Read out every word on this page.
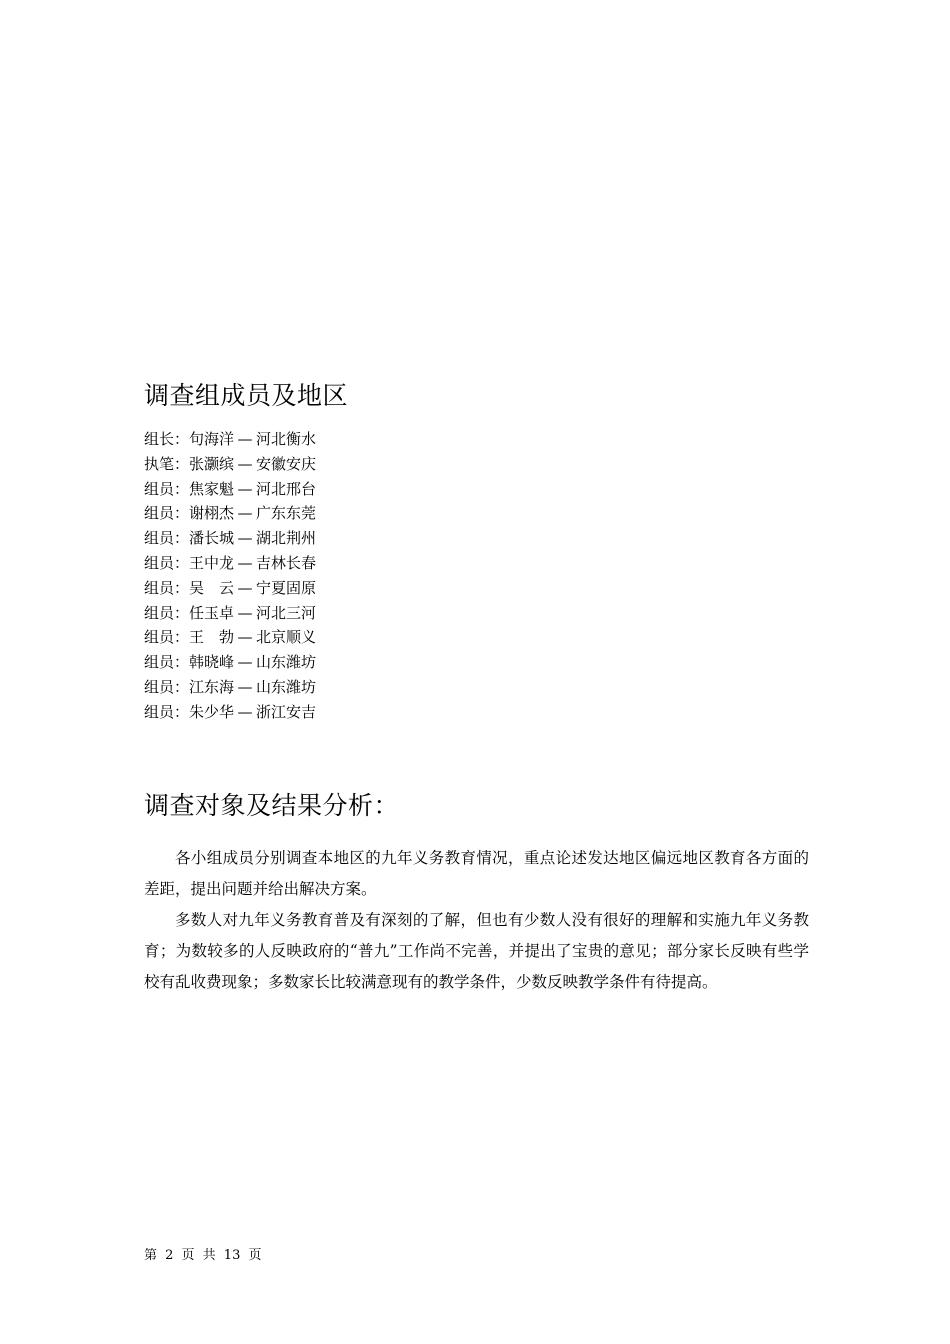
调查组成员及地区
组长：句海洋 — 河北衡水
执笔：张灏缤 — 安徽安庆
组员：焦家魁 — 河北邢台
组员：谢栩杰 — 广东东莞
组员：潘长城 — 湖北荆州
组员：王中龙 — 吉林长春
组员：吴　云 — 宁夏固原
组员：任玉卓 — 河北三河
组员：王　勃 — 北京顺义
组员：韩晓峰 — 山东潍坊
组员：江东海 — 山东潍坊
组员：朱少华 — 浙江安吉
调查对象及结果分析：

各小组成员分别调查本地区的九年义务教育情况，重点论述发达地区偏远地区教育各方面的差距，提出问题并给出解决方案。

多数人对九年义务教育普及有深刻的了解，但也有少数人没有很好的理解和实施九年义务教育；为数较多的人反映政府的“普九”工作尚不完善，并提出了宝贵的意见；部分家长反映有些学校有乱收费现象；多数家长比较满意现有的教学条件，少数反映教学条件有待提高。

第 2 页 共 13 页
